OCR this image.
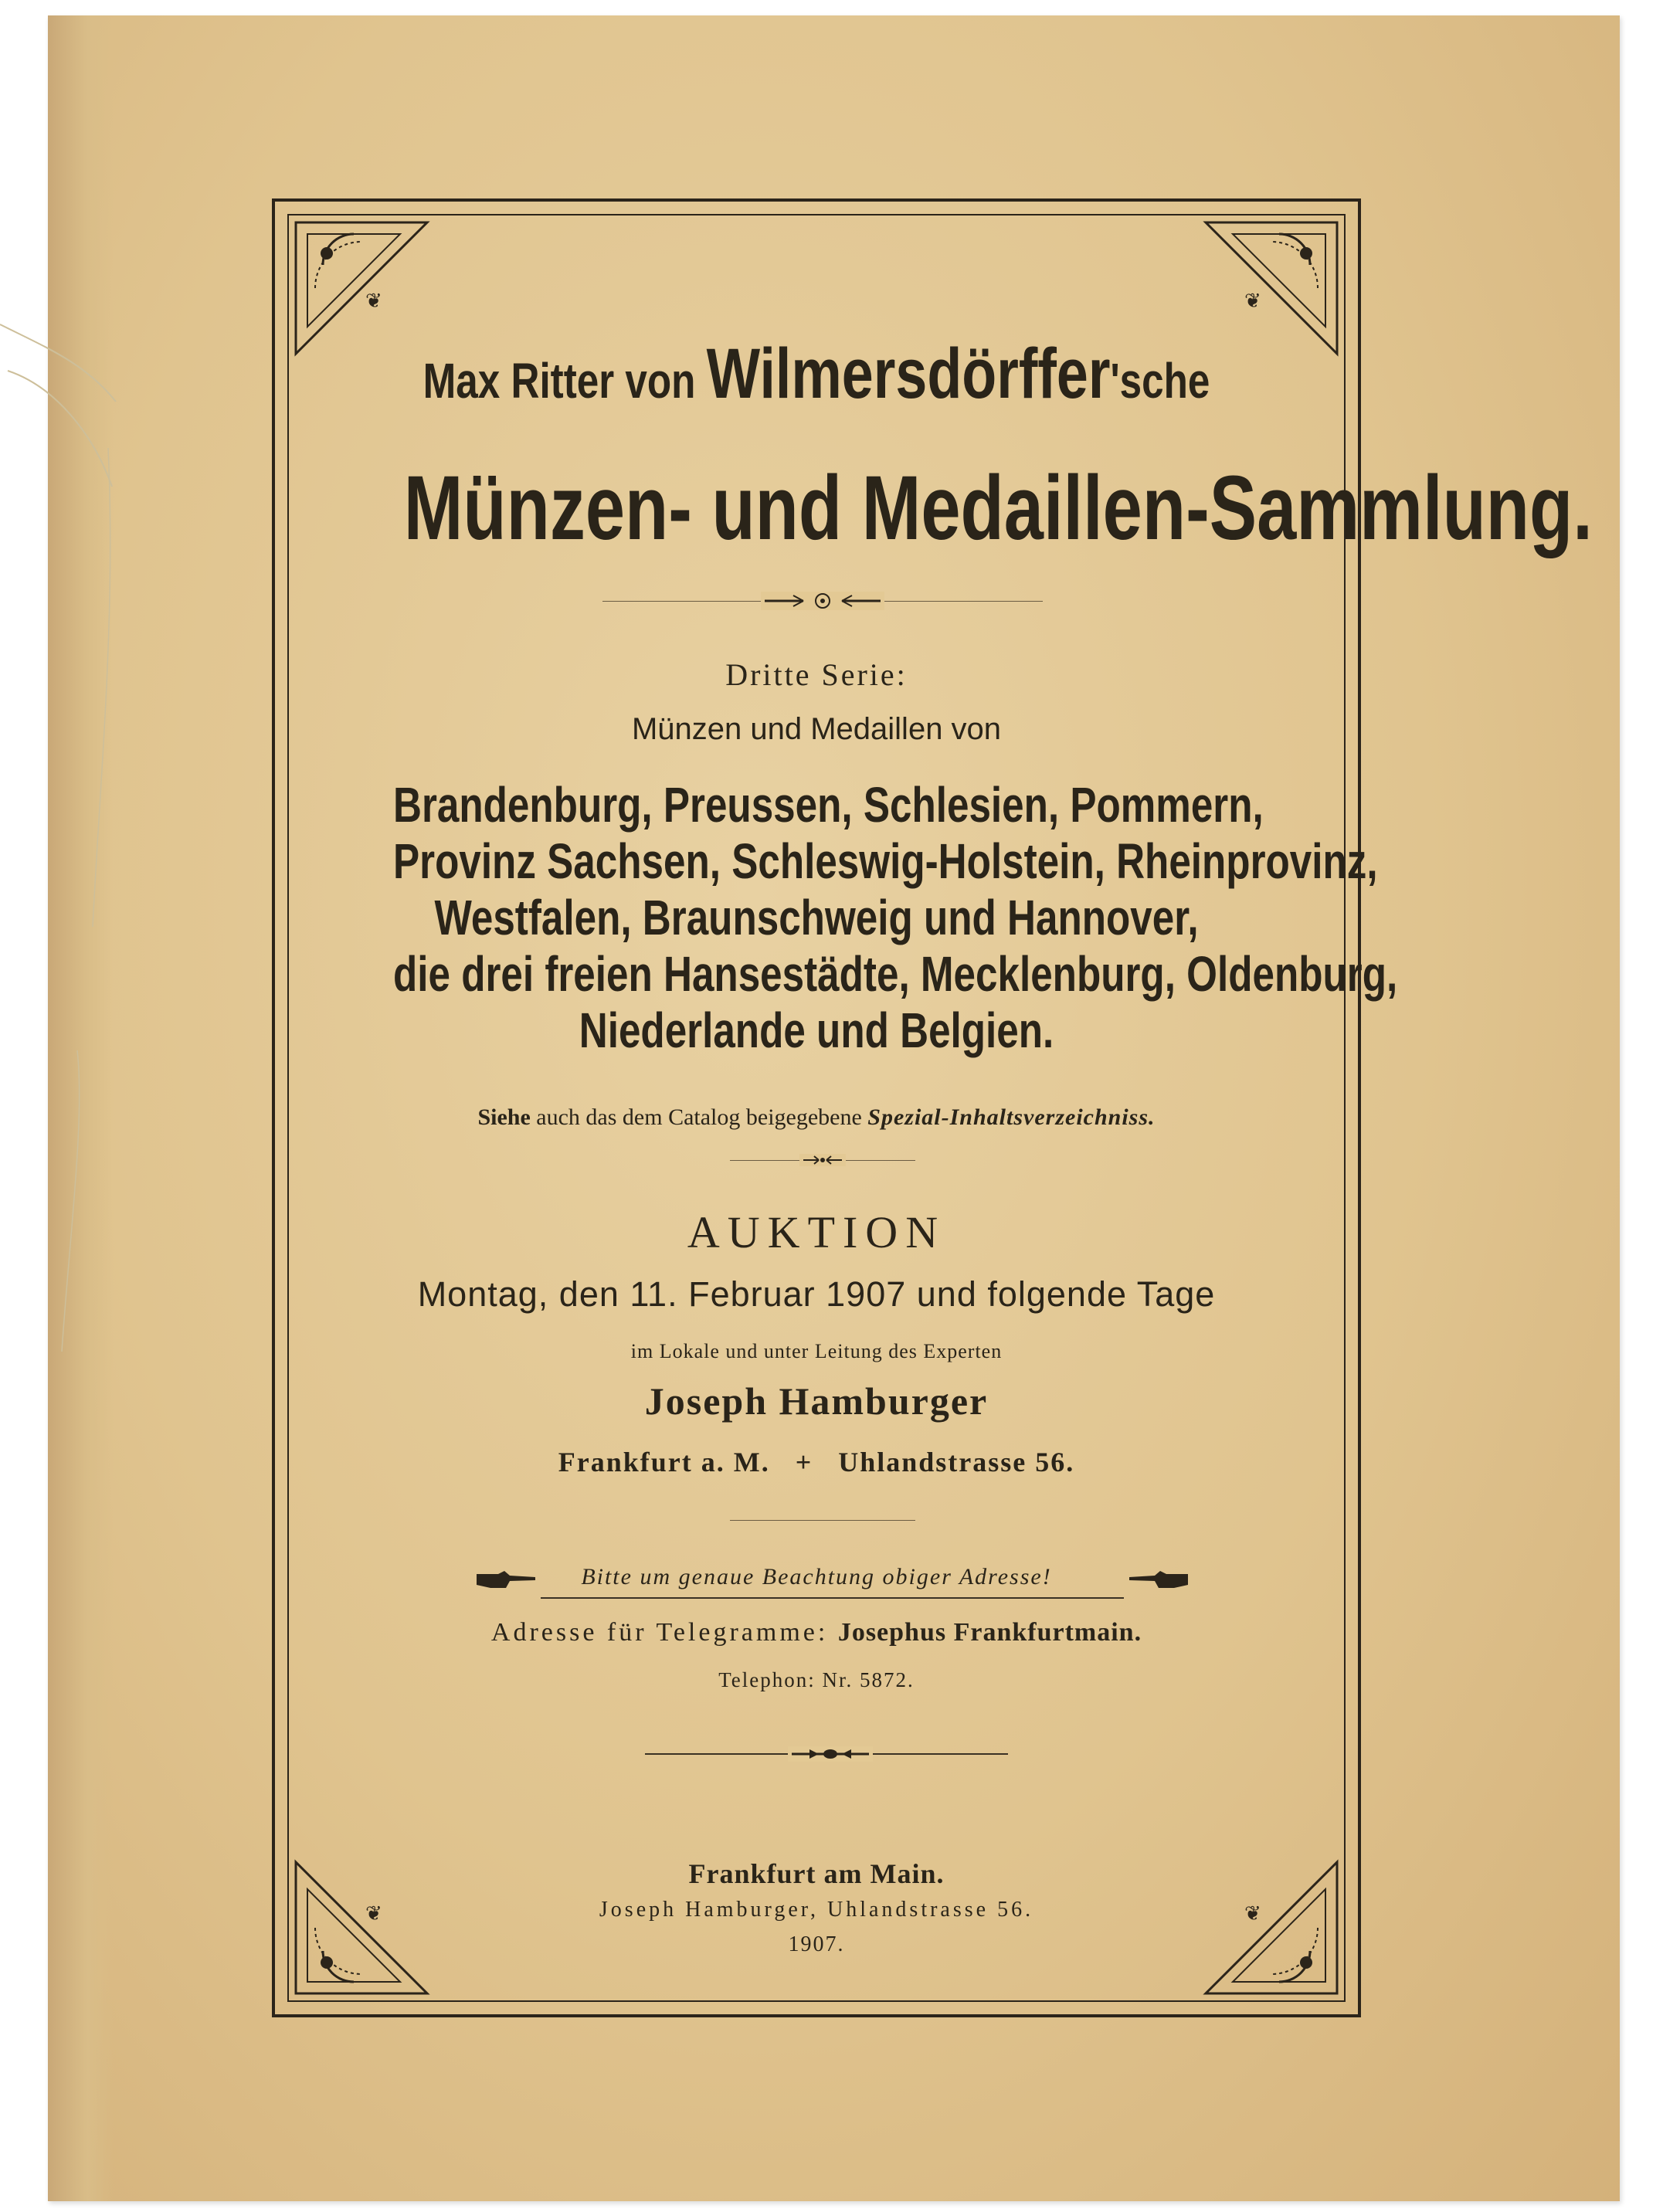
❦	❦
❦	❦
Max Ritter von Wilmersdörffer'sche
Münzen- und Medaillen-Sammlung.
Dritte Serie:
Münzen und Medaillen von
Brandenburg, Preussen, Schlesien, Pommern,
Provinz Sachsen, Schleswig-Holstein, Rheinprovinz,
Westfalen, Braunschweig und Hannover,
die drei freien Hansestädte, Mecklenburg, Oldenburg,
Niederlande und Belgien.
Siehe auch das dem Catalog beigegebene Spezial-Inhaltsverzeichniss.
AUKTION
Montag, den 11. Februar 1907 und folgende Tage
im Lokale und unter Leitung des Experten
Joseph Hamburger
Frankfurt a. M. + Uhlandstrasse 56.
Bitte um genaue Beachtung obiger Adresse!
Adresse für Telegramme: Josephus Frankfurtmain.
Telephon: Nr. 5872.
Frankfurt am Main.
Joseph Hamburger, Uhlandstrasse 56.
1907.
